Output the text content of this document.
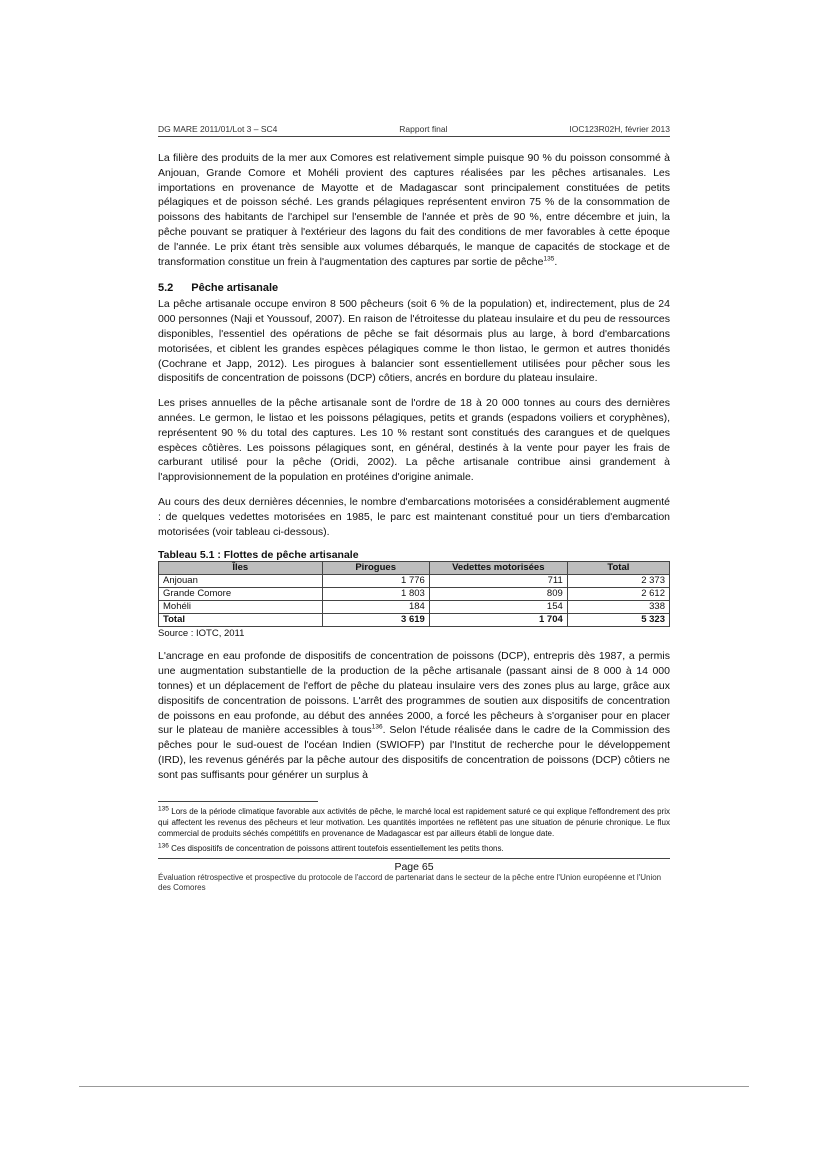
DG MARE 2011/01/Lot 3 – SC4	Rapport final	IOC123R02H, février 2013

La filière des produits de la mer aux Comores est relativement simple puisque 90 % du poisson consommé à Anjouan, Grande Comore et Mohéli provient des captures réalisées par les pêches artisanales. Les importations en provenance de Mayotte et de Madagascar sont principalement constituées de petits pélagiques et de poisson séché. Les grands pélagiques représentent environ 75 % de la consommation de poissons des habitants de l'archipel sur l'ensemble de l'année et près de 90 %, entre décembre et juin, la pêche pouvant se pratiquer à l'extérieur des lagons du fait des conditions de mer favorables à cette époque de l'année. Le prix étant très sensible aux volumes débarqués, le manque de capacités de stockage et de transformation constitue un frein à l'augmentation des captures par sortie de pêche$^{135}$.

5.2 Pêche artisanale

La pêche artisanale occupe environ 8 500 pêcheurs (soit 6 % de la population) et, indirectement, plus de 24 000 personnes (Naji et Youssouf, 2007). En raison de l'étroitesse du plateau insulaire et du peu de ressources disponibles, l'essentiel des opérations de pêche se fait désormais plus au large, à bord d'embarcations motorisées, et ciblent les grandes espèces pélagiques comme le thon listao, le germon et autres thonidés (Cochrane et Japp, 2012). Les pirogues à balancier sont essentiellement utilisées pour pêcher sous les dispositifs de concentration de poissons (DCP) côtiers, ancrés en bordure du plateau insulaire.

Les prises annuelles de la pêche artisanale sont de l'ordre de 18 à 20 000 tonnes au cours des dernières années. Le germon, le listao et les poissons pélagiques, petits et grands (espadons voiliers et coryphènes), représentent 90 % du total des captures. Les 10 % restant sont constitués des carangues et de quelques espèces côtières. Les poissons pélagiques sont, en général, destinés à la vente pour payer les frais de carburant utilisé pour la pêche (Oridi, 2002). La pêche artisanale contribue ainsi grandement à l'approvisionnement de la population en protéines d'origine animale.

Au cours des deux dernières décennies, le nombre d'embarcations motorisées a considérablement augmenté : de quelques vedettes motorisées en 1985, le parc est maintenant constitué pour un tiers d'embarcation motorisées (voir tableau ci-dessous).

Tableau 5.1 : Flottes de pêche artisanale
Îles	Pirogues	Vedettes motorisées	Total
Anjouan	1 776	711	2 373
Grande Comore	1 803	809	2 612
Mohéli	184	154	338
Total	3 619	1 704	5 323
Source : IOTC, 2011

L'ancrage en eau profonde de dispositifs de concentration de poissons (DCP), entrepris dès 1987, a permis une augmentation substantielle de la production de la pêche artisanale (passant ainsi de 8 000 à 14 000 tonnes) et un déplacement de l'effort de pêche du plateau insulaire vers des zones plus au large, grâce aux dispositifs de concentration de poissons. L'arrêt des programmes de soutien aux dispositifs de concentration de poissons en eau profonde, au début des années 2000, a forcé les pêcheurs à s'organiser pour en placer sur le plateau de manière accessibles à tous$^{136}$. Selon l'étude réalisée dans le cadre de la Commission des pêches pour le sud-ouest de l'océan Indien (SWIOFP) par l'Institut de recherche pour le développement (IRD), les revenus générés par la pêche autour des dispositifs de concentration de poissons (DCP) côtiers ne sont pas suffisants pour générer un surplus à

$^{135}$ Lors de la période climatique favorable aux activités de pêche, le marché local est rapidement saturé ce qui explique l'effondrement des prix qui affectent les revenus des pêcheurs et leur motivation. Les quantités importées ne reflètent pas une situation de pénurie chronique. Le flux commercial de produits séchés compétitifs en provenance de Madagascar est par ailleurs établi de longue date.
$^{136}$ Ces dispositifs de concentration de poissons attirent toutefois essentiellement les petits thons.
Page 65
Évaluation rétrospective et prospective du protocole de l'accord de partenariat dans le secteur de la pêche entre l'Union européenne et l'Union des Comores
